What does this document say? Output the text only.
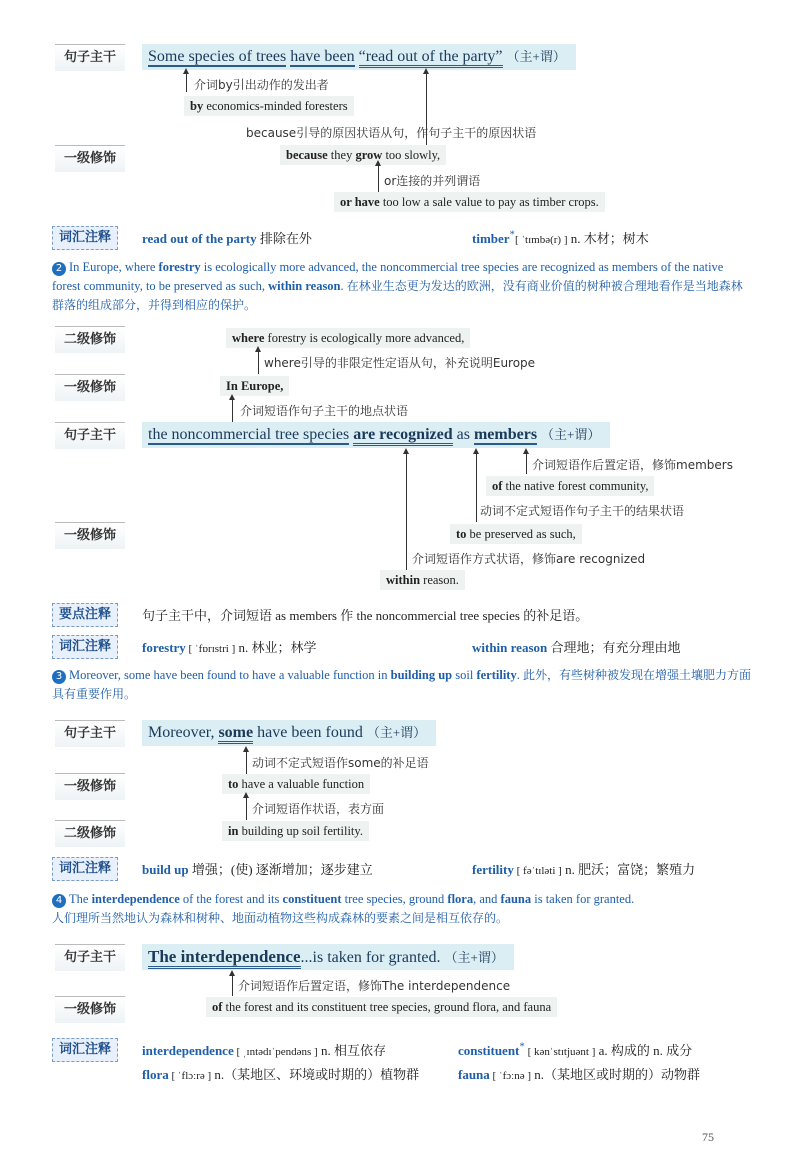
句子主干	Some species of trees have been “read out of the party” （主+谓）
介词by引出动作的发出者
by economics-minded foresters
because引导的原因状语从句，作句子主干的原因状语
一级修饰	because they grow too slowly,
or连接的并列谓语
or have too low a sale value to pay as timber crops.
词汇注释	read out of the party 排除在外	timber*[ ˈtɪmbə(r) ] n. 木材；树木
2 In Europe, where forestry is ecologically more advanced, the noncommercial tree species are recognized as members of the native forest community, to be preserved as such, within reason. 在林业生态更为发达的欧洲，没有商业价值的树种被合理地看作是当地森林群落的组成部分，并得到相应的保护。
二级修饰	where forestry is ecologically more advanced,
where引导的非限定性定语从句，补充说明Europe
一级修饰	In Europe,
介词短语作句子主干的地点状语
句子主干	the noncommercial tree species are recognized as members （主+谓）
介词短语作后置定语，修饰members
of the native forest community,
动词不定式短语作句子主干的结果状语
一级修饰	to be preserved as such,
介词短语作方式状语，修饰are recognized
within reason.
要点注释	句子主干中，介词短语 as members 作 the noncommercial tree species 的补足语。
词汇注释	forestry [ ˈfɒrɪstri ] n. 林业；林学	within reason 合理地；有充分理由地
3 Moreover, some have been found to have a valuable function in building up soil fertility. 此外，有些树种被发现在增强土壤肥力方面具有重要作用。
句子主干	Moreover, some have been found （主+谓）
动词不定式短语作some的补足语
一级修饰	to have a valuable function
介词短语作状语，表方面
二级修饰	in building up soil fertility.
词汇注释	build up 增强；(使) 逐渐增加；逐步建立	fertility [ fəˈtɪləti ] n. 肥沃；富饶；繁殖力
4 The interdependence of the forest and its constituent tree species, ground flora, and fauna is taken for granted.
人们理所当然地认为森林和树种、地面动植物这些构成森林的要素之间是相互依存的。
句子主干	The interdependence...is taken for granted. （主+谓）
介词短语作后置定语，修饰The interdependence
一级修饰	of the forest and its constituent tree species, ground flora, and fauna
词汇注释	interdependence [ ˌɪntədɪˈpendəns ] n. 相互依存	constituent* [ kənˈstɪtjuənt ] a. 构成的 n. 成分
flora [ ˈflɔːrə ] n.（某地区、环境或时期的）植物群	fauna [ ˈfɔːnə ] n.（某地区或时期的）动物群
75
